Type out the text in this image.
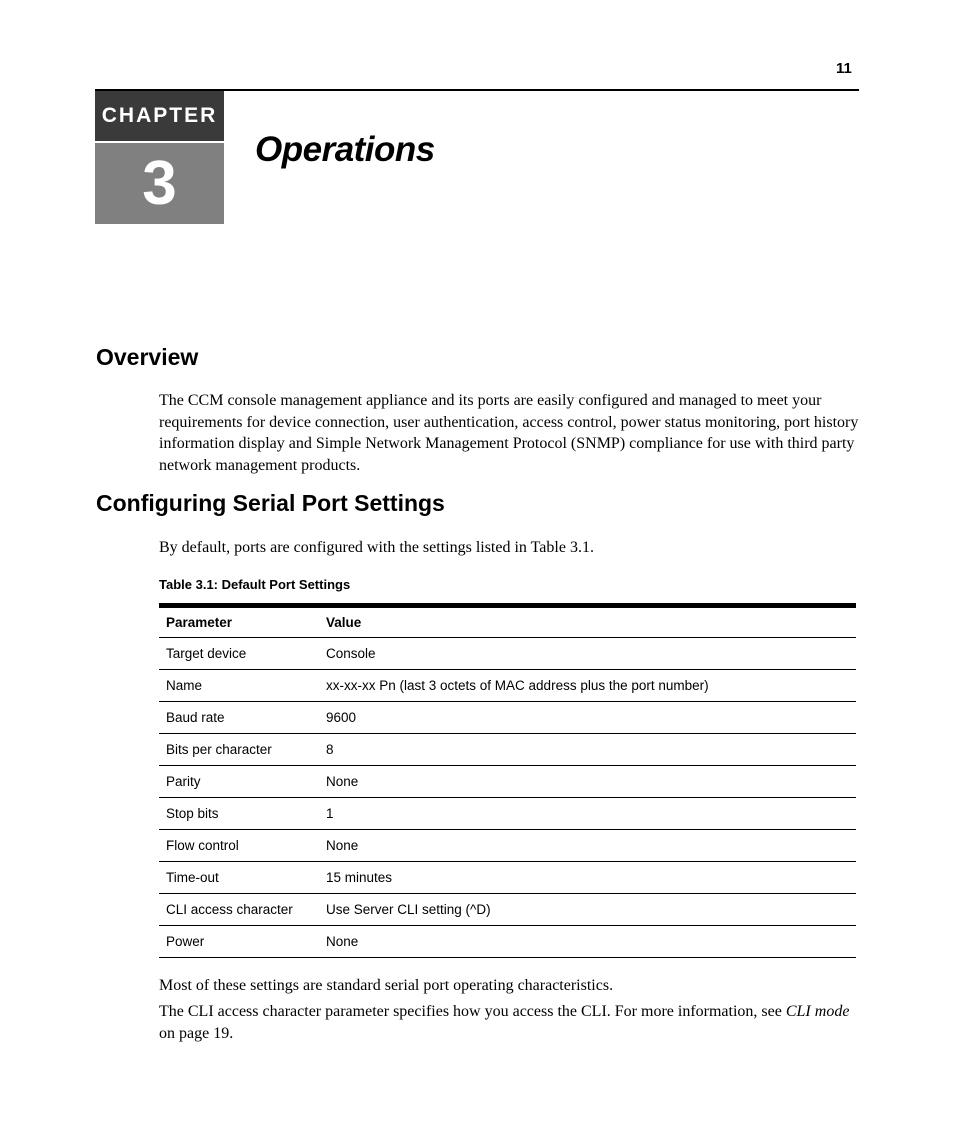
11
CHAPTER
3	Operations
Overview

The CCM console management appliance and its ports are easily configured and managed to meet your requirements for device connection, user authentication, access control, power status monitoring, port history information display and Simple Network Management Protocol (SNMP) compliance for use with third party network management products.

Configuring Serial Port Settings

By default, ports are configured with the settings listed in Table 3.1.

Table 3.1: Default Port Settings
Parameter	Value
Target device	Console
Name	xx-xx-xx Pn (last 3 octets of MAC address plus the port number)
Baud rate	9600
Bits per character	8
Parity	None
Stop bits	1
Flow control	None
Time-out	15 minutes
CLI access character	Use Server CLI setting (^D)
Power	None

Most of these settings are standard serial port operating characteristics.

The CLI access character parameter specifies how you access the CLI. For more information, see CLI mode on page 19.
